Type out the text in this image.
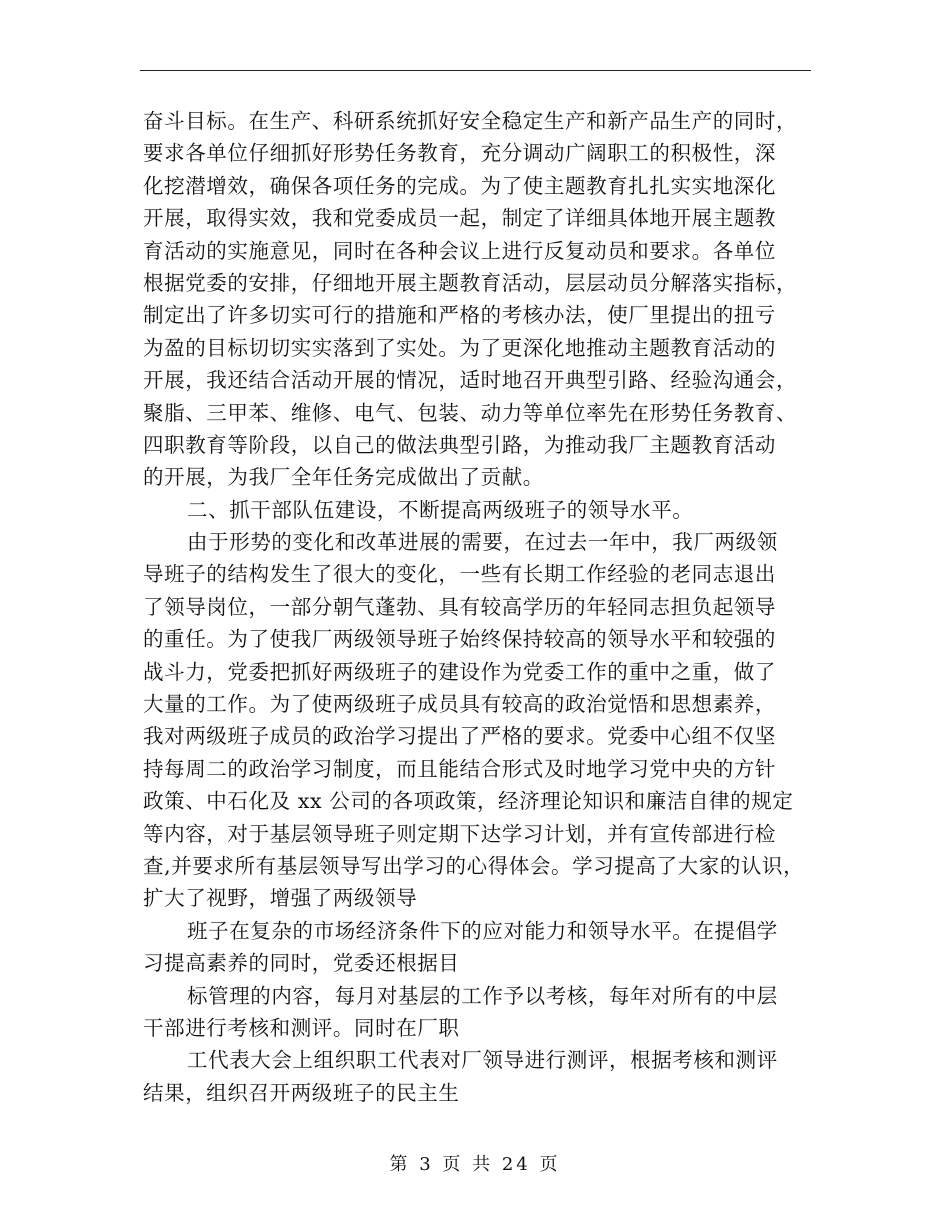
奋斗目标。在生产、科研系统抓好安全稳定生产和新产品生产的同时，
要求各单位仔细抓好形势任务教育，充分调动广阔职工的积极性，深
化挖潜增效，确保各项任务的完成。为了使主题教育扎扎实实地深化
开展，取得实效，我和党委成员一起，制定了详细具体地开展主题教
育活动的实施意见，同时在各种会议上进行反复动员和要求。各单位
根据党委的安排，仔细地开展主题教育活动，层层动员分解落实指标，
制定出了许多切实可行的措施和严格的考核办法，使厂里提出的扭亏
为盈的目标切切实实落到了实处。为了更深化地推动主题教育活动的
开展，我还结合活动开展的情况，适时地召开典型引路、经验沟通会，
聚脂、三甲苯、维修、电气、包装、动力等单位率先在形势任务教育、
四职教育等阶段，以自己的做法典型引路，为推动我厂主题教育活动
的开展，为我厂全年任务完成做出了贡献。
二、抓干部队伍建设，不断提高两级班子的领导水平。
由于形势的变化和改革进展的需要，在过去一年中，我厂两级领
导班子的结构发生了很大的变化，一些有长期工作经验的老同志退出
了领导岗位，一部分朝气蓬勃、具有较高学历的年轻同志担负起领导
的重任。为了使我厂两级领导班子始终保持较高的领导水平和较强的
战斗力，党委把抓好两级班子的建设作为党委工作的重中之重，做了
大量的工作。为了使两级班子成员具有较高的政治觉悟和思想素养，
我对两级班子成员的政治学习提出了严格的要求。党委中心组不仅坚
持每周二的政治学习制度，而且能结合形式及时地学习党中央的方针
政策、中石化及 xx 公司的各项政策，经济理论知识和廉洁自律的规定
等内容，对于基层领导班子则定期下达学习计划，并有宣传部进行检
查,并要求所有基层领导写出学习的心得体会。学习提高了大家的认识，
扩大了视野，增强了两级领导
班子在复杂的市场经济条件下的应对能力和领导水平。在提倡学
习提高素养的同时，党委还根据目
标管理的内容，每月对基层的工作予以考核，每年对所有的中层
干部进行考核和测评。同时在厂职
工代表大会上组织职工代表对厂领导进行测评，根据考核和测评
结果，组织召开两级班子的民主生
第 3 页 共 24 页
